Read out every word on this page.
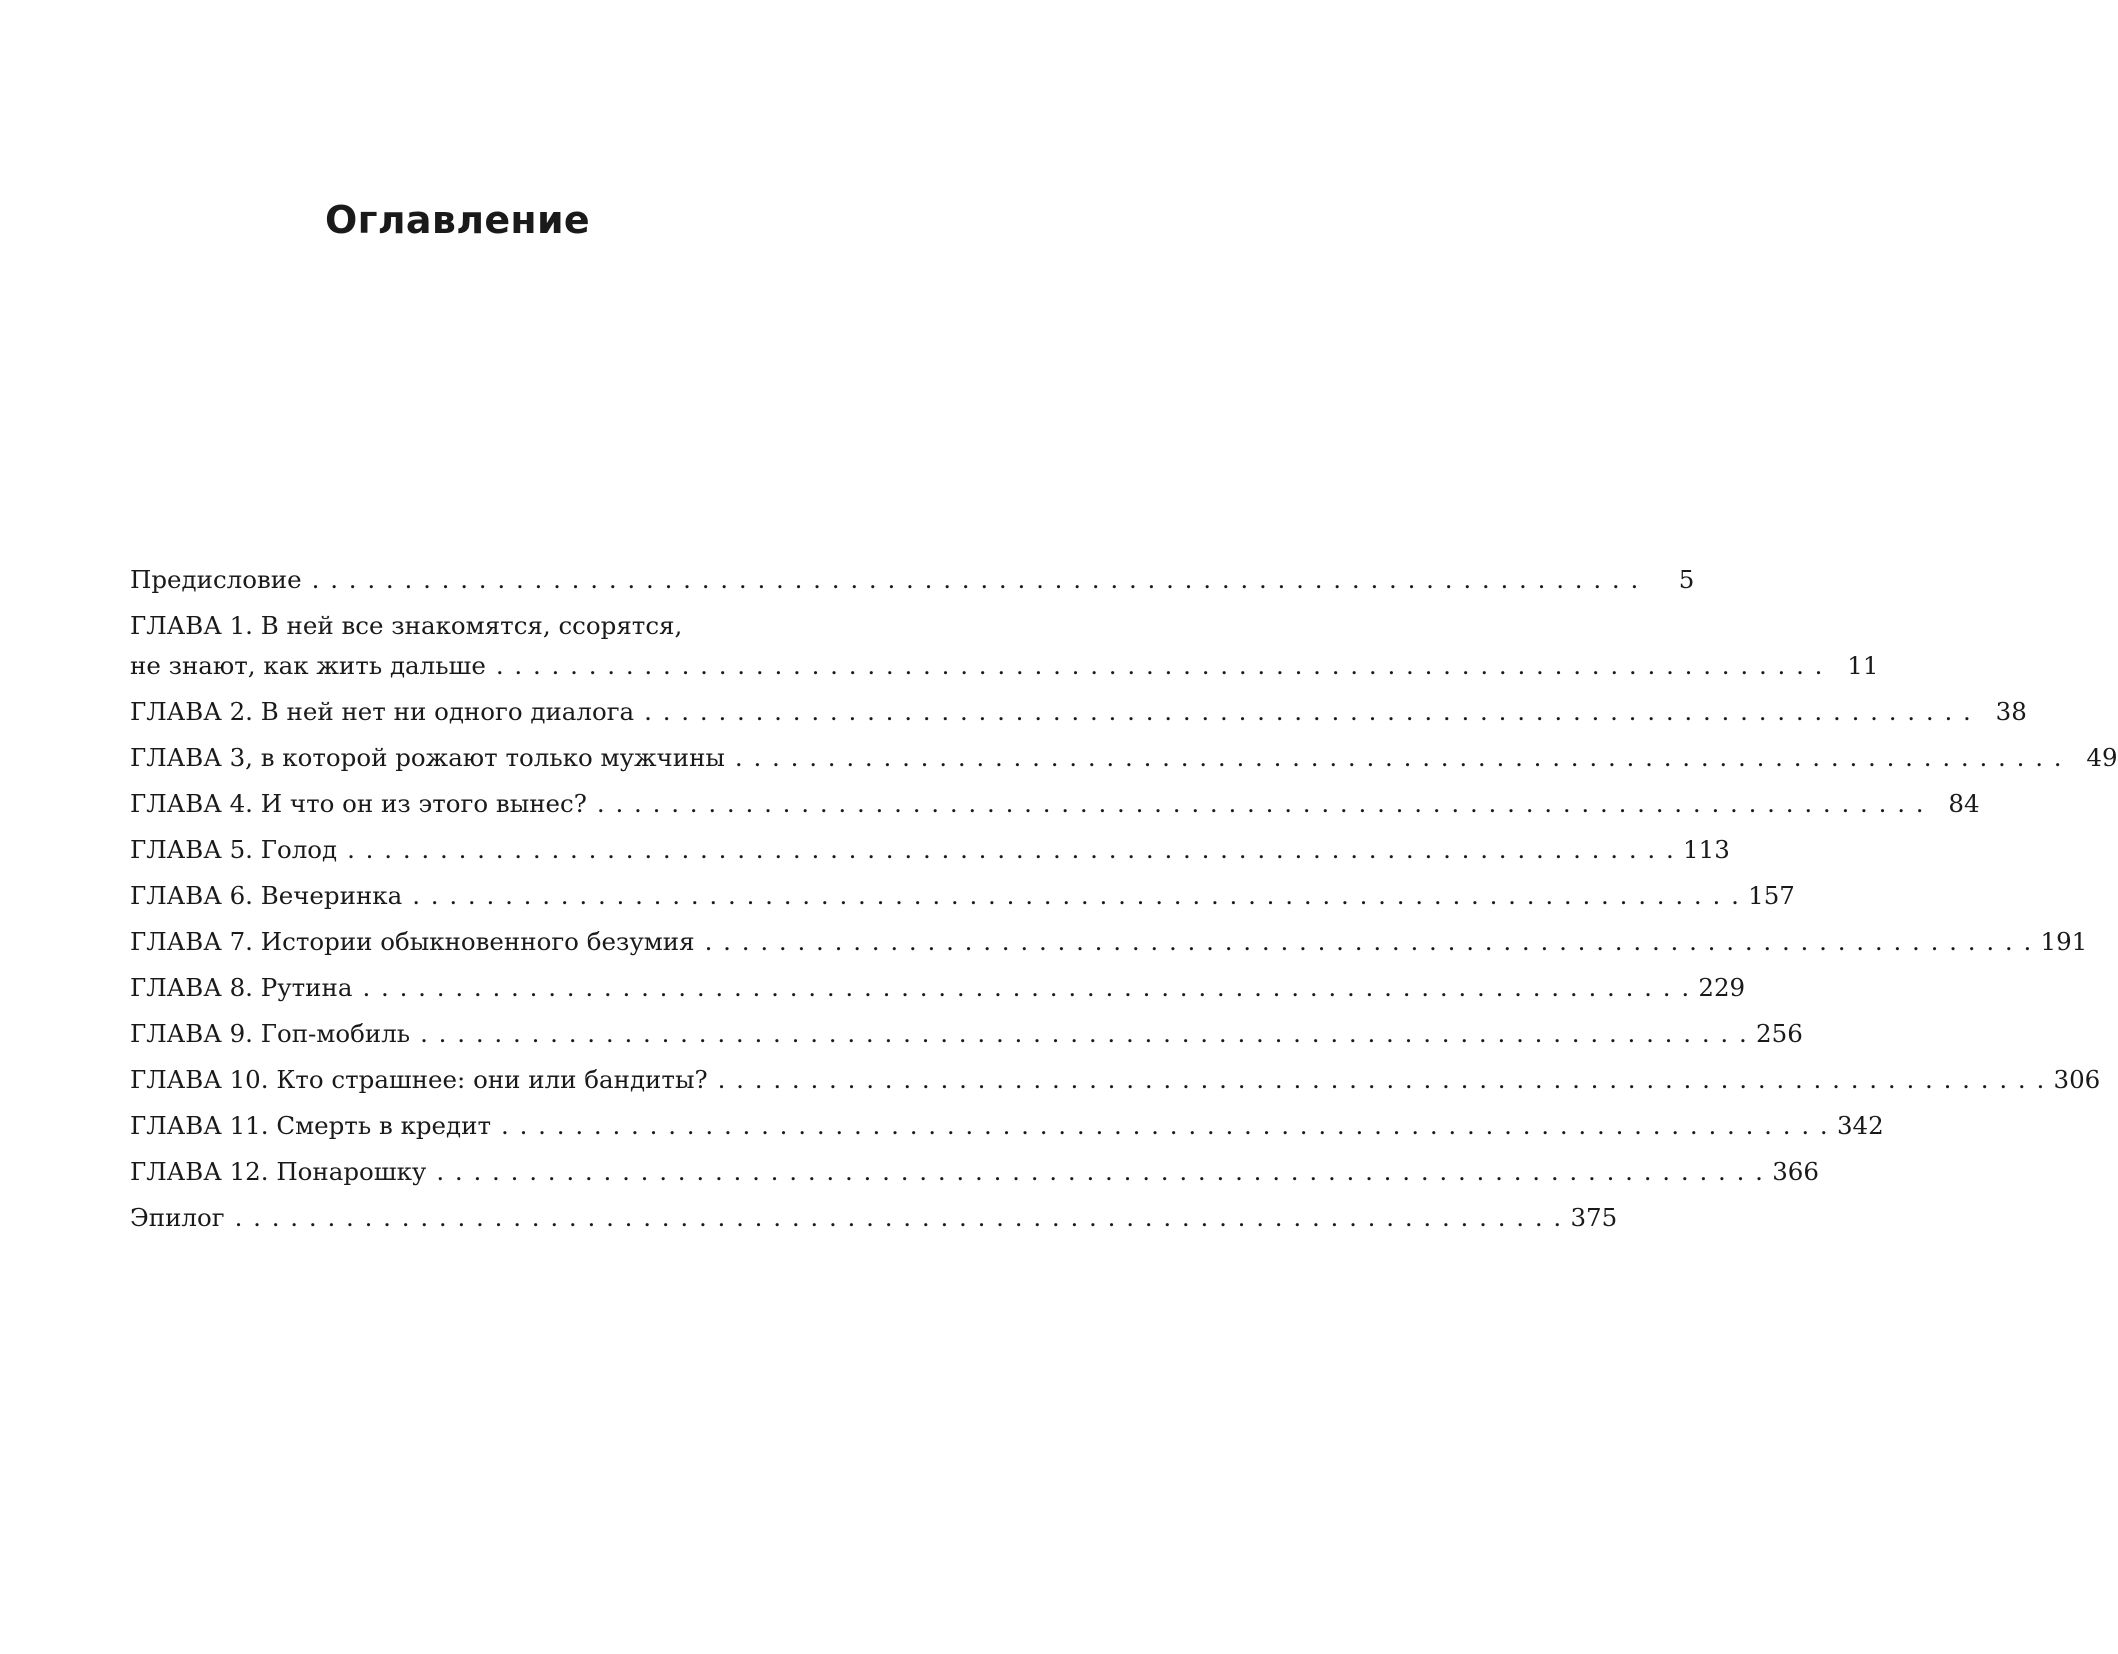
Оглавление
Предисловие . . .	5
ГЛАВА 1. В ней все знакомятся, ссорятся,
не знают, как жить дальше . . .	11
ГЛАВА 2. В ней нет ни одного диалога . . .	38
ГЛАВА 3, в которой рожают только мужчины . . .	49
ГЛАВА 4. И что он из этого вынес? . . .	84
ГЛАВА 5. Голод . . .	113
ГЛАВА 6. Вечеринка . . .	157
ГЛАВА 7. Истории обыкновенного безумия . . .	191
ГЛАВА 8. Рутина . . .	229
ГЛАВА 9. Гоп-мобиль . . .	256
ГЛАВА 10. Кто страшнее: они или бандиты? . . .	306
ГЛАВА 11. Смерть в кредит . . .	342
ГЛАВА 12. Понарошку . . .	366
Эпилог . . .	375
